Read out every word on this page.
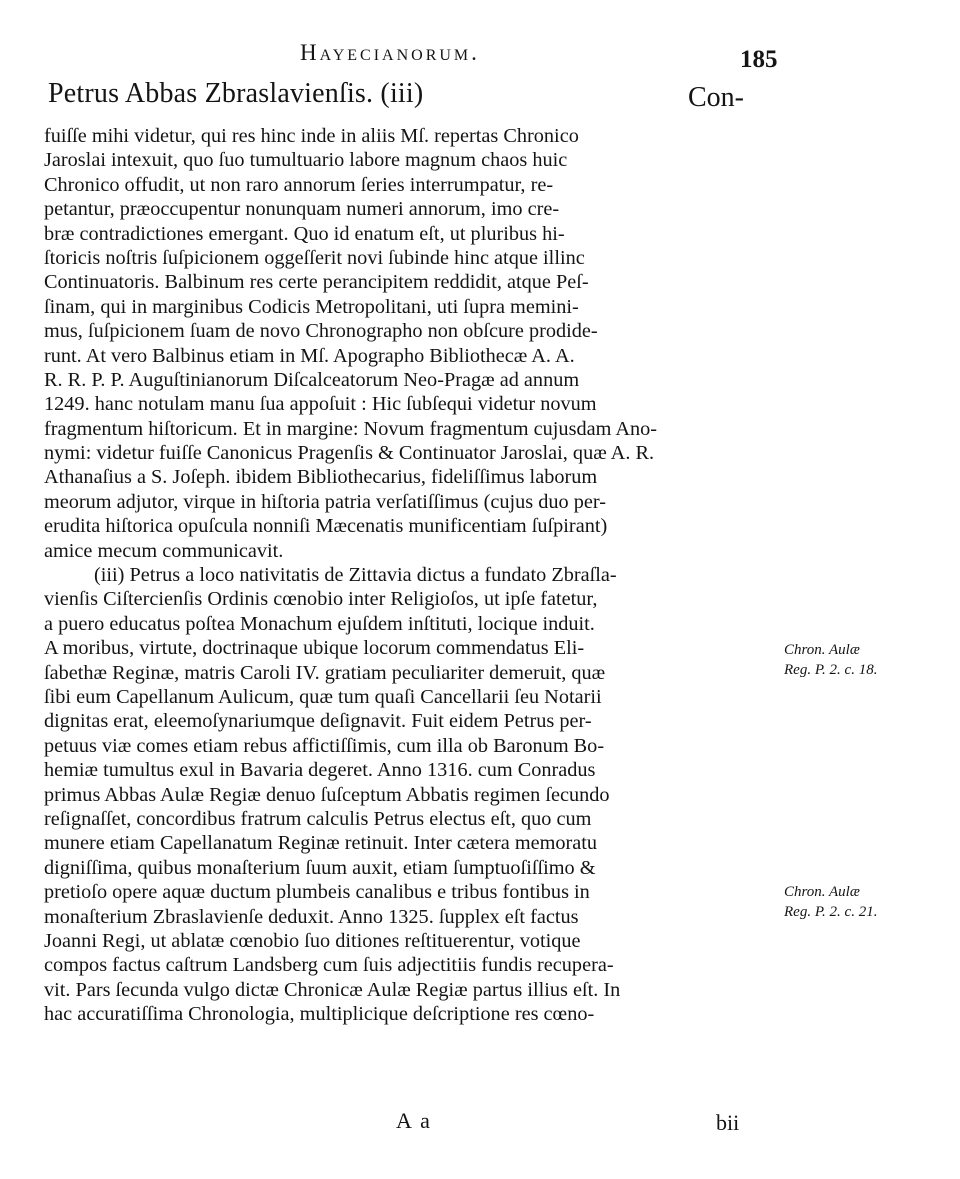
Hayecianorum.	185
Petrus Abbas Zbraslavienſis. (iii)	Con-
fuiſſe mihi videtur, qui res hinc inde in aliis Mſ. repertas Chronico
Jaroslai intexuit, quo ſuo tumultuario labore magnum chaos huic
Chronico offudit, ut non raro annorum ſeries interrumpatur, re-
petantur, præoccupentur nonunquam numeri annorum, imo cre-
bræ contradictiones emergant. Quo id enatum eſt, ut pluribus hi-
ſtoricis noſtris ſuſpicionem oggeſſerit novi ſubinde hinc atque illinc
Continuatoris. Balbinum res certe perancipitem reddidit, atque Peſ-
ſinam, qui in marginibus Codicis Metropolitani, uti ſupra memini-
mus, ſuſpicionem ſuam de novo Chronographo non obſcure prodide-
runt. At vero Balbinus etiam in Mſ. Apographo Bibliothecæ A. A.
R. R. P. P. Auguſtinianorum Diſcalceatorum Neo-Pragæ ad annum
1249. hanc notulam manu ſua appoſuit : Hic ſubſequi videtur novum
fragmentum hiſtoricum. Et in margine: Novum fragmentum cujusdam Ano-
nymi: videtur fuiſſe Canonicus Pragenſis & Continuator Jaroslai, quæ A. R.
Athanaſius a S. Joſeph. ibidem Bibliothecarius, fideliſſimus laborum
meorum adjutor, virque in hiſtoria patria verſatiſſimus (cujus duo per-
erudita hiſtorica opuſcula nonniſi Mæcenatis munificentiam ſuſpirant)
amice mecum communicavit.
(iii) Petrus a loco nativitatis de Zittavia dictus a fundato Zbraſla-
vienſis Ciſtercienſis Ordinis cœnobio inter Religioſos, ut ipſe fatetur,
a puero educatus poſtea Monachum ejuſdem inſtituti, locique induit.
A moribus, virtute, doctrinaque ubique locorum commendatus Eli-
ſabethæ Reginæ, matris Caroli IV. gratiam peculiariter demeruit, quæ
ſibi eum Capellanum Aulicum, quæ tum quaſi Cancellarii ſeu Notarii
dignitas erat, eleemoſynariumque deſignavit. Fuit eidem Petrus per-
petuus viæ comes etiam rebus affictiſſimis, cum illa ob Baronum Bo-
hemiæ tumultus exul in Bavaria degeret. Anno 1316. cum Conradus
primus Abbas Aulæ Regiæ denuo ſuſceptum Abbatis regimen ſecundo
reſignaſſet, concordibus fratrum calculis Petrus electus eſt, quo cum
munere etiam Capellanatum Reginæ retinuit. Inter cætera memoratu
digniſſima, quibus monaſterium ſuum auxit, etiam ſumptuoſiſſimo &
pretioſo opere aquæ ductum plumbeis canalibus e tribus fontibus in
monaſterium Zbraslavienſe deduxit. Anno 1325. ſupplex eſt factus
Joanni Regi, ut ablatæ cœnobio ſuo ditiones reſtituerentur, votique
compos factus caſtrum Landsberg cum ſuis adjectitiis fundis recupera-
vit. Pars ſecunda vulgo dictæ Chronicæ Aulæ Regiæ partus illius eſt. In
hac accuratiſſima Chronologia, multiplicique deſcriptione res cœno-
Chron. Aulæ
Reg. P. 2. c. 18.
Chron. Aulæ
Reg. P. 2. c. 21.
A a	bii
